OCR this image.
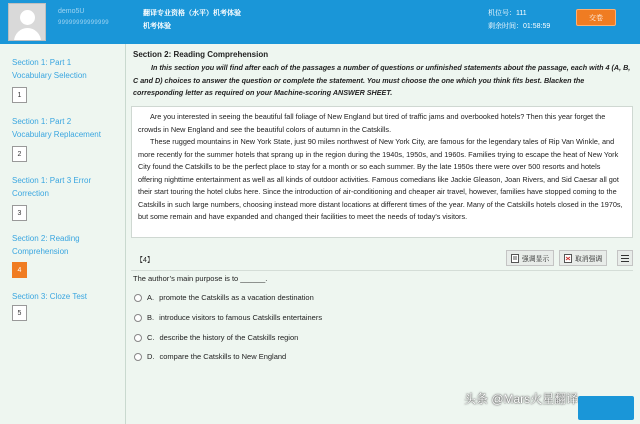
demo5U
99999999999999
翻译专业资格（水平）机考体验
机考体验
机位号：111
剩余时间：01:58:59
交卷
Section 1: Part 1 Vocabulary Selection
1
Section 1: Part 2 Vocabulary Replacement
2
Section 1: Part 3 Error Correction
3
Section 2: Reading Comprehension
4
Section 3: Cloze Test
5
Section 2: Reading Comprehension
In this section you will find after each of the passages a number of questions or unfinished statements about the passage, each with 4 (A, B, C and D) choices to answer the question or complete the statement. You must choose the one which you think fits best. Blacken the corresponding letter as required on your Machine-scoring ANSWER SHEET.

Are you interested in seeing the beautiful fall foliage of New England but tired of traffic jams and overbooked hotels? Then this year forget the crowds in New England and see the beautiful colors of autumn in the Catskills.

These rugged mountains in New York State, just 90 miles northwest of New York City, are famous for the legendary tales of Rip Van Winkle, and more recently for the summer hotels that sprang up in the region during the 1940s, 1950s, and 1960s. Families trying to escape the heat of New York City found the Catskills to be the perfect place to stay for a month or so each summer. By the late 1950s there were over 500 resorts and hotels offering nighttime entertainment as well as all kinds of outdoor activities. Famous comedians like Jackie Gleason, Joan Rivers, and Sid Caesar all got their start touring the hotel clubs here. Since the introduction of air-conditioning and cheaper air travel, however, families have stopped coming to the Catskills in such large numbers, choosing instead more distant locations at different times of the year. Many of the Catskills hotels closed in the 1970s, but some remain and have expanded and changed their facilities to meet the needs of today's visitors.

【4】	强调显示	取消强调
The author’s main purpose is to ______.
A. promote the Catskills as a vacation destination
B. introduce visitors to famous Catskills entertainers
C. describe the history of the Catskills region
D. compare the Catskills to New England
头条 @Mars火星翻译
